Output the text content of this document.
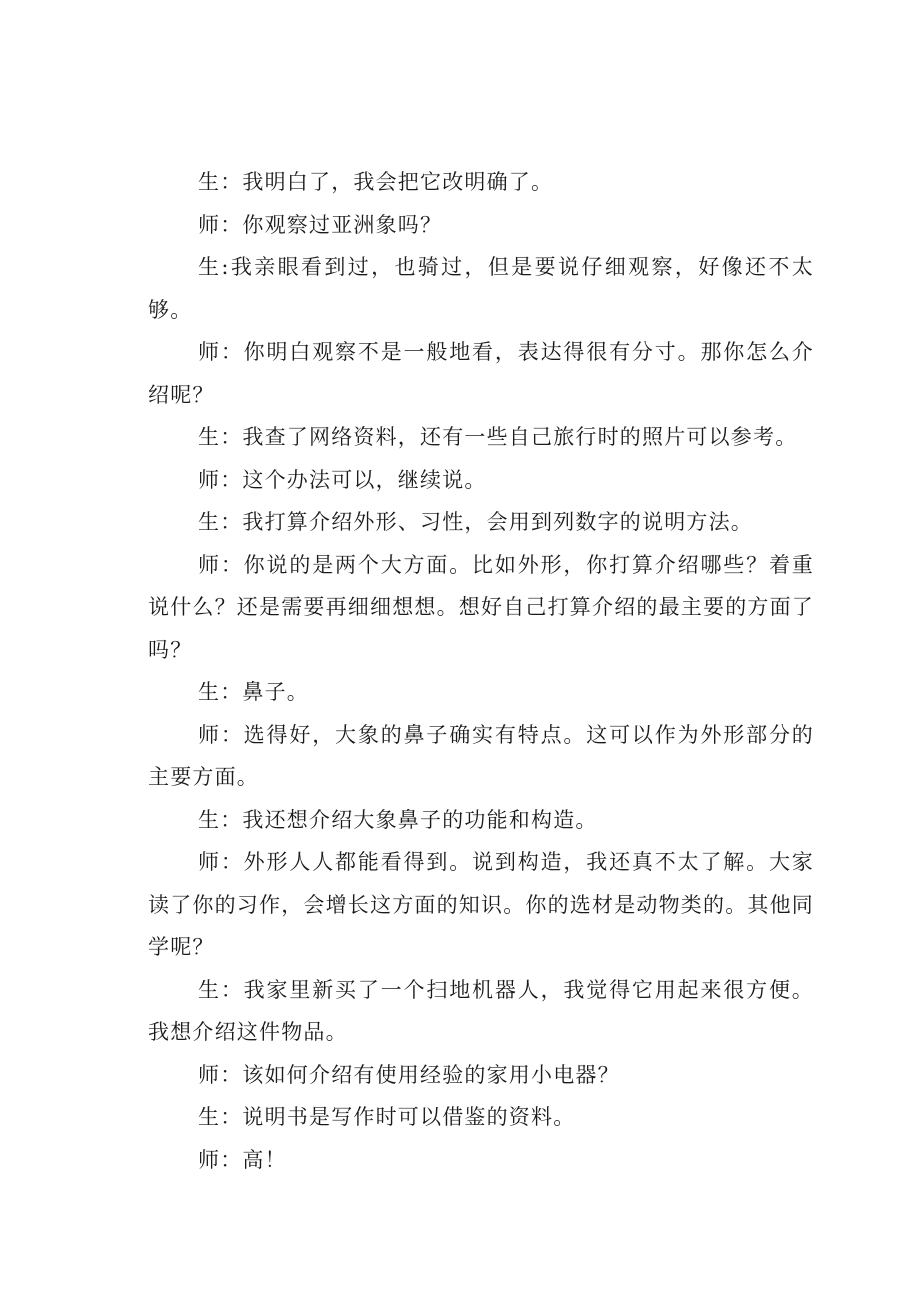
生：我明白了，我会把它改明确了。

师：你观察过亚洲象吗？

生:我亲眼看到过，也骑过，但是要说仔细观察，好像还不太够。

师：你明白观察不是一般地看，表达得很有分寸。那你怎么介绍呢？

生：我查了网络资料，还有一些自己旅行时的照片可以参考。

师：这个办法可以，继续说。

生：我打算介绍外形、习性，会用到列数字的说明方法。

师：你说的是两个大方面。比如外形，你打算介绍哪些？着重说什么？还是需要再细细想想。想好自己打算介绍的最主要的方面了吗？

生：鼻子。

师：选得好，大象的鼻子确实有特点。这可以作为外形部分的主要方面。

生：我还想介绍大象鼻子的功能和构造。

师：外形人人都能看得到。说到构造，我还真不太了解。大家读了你的习作，会增长这方面的知识。你的选材是动物类的。其他同学呢？

生：我家里新买了一个扫地机器人，我觉得它用起来很方便。我想介绍这件物品。

师：该如何介绍有使用经验的家用小电器？

生：说明书是写作时可以借鉴的资料。

师：高！
